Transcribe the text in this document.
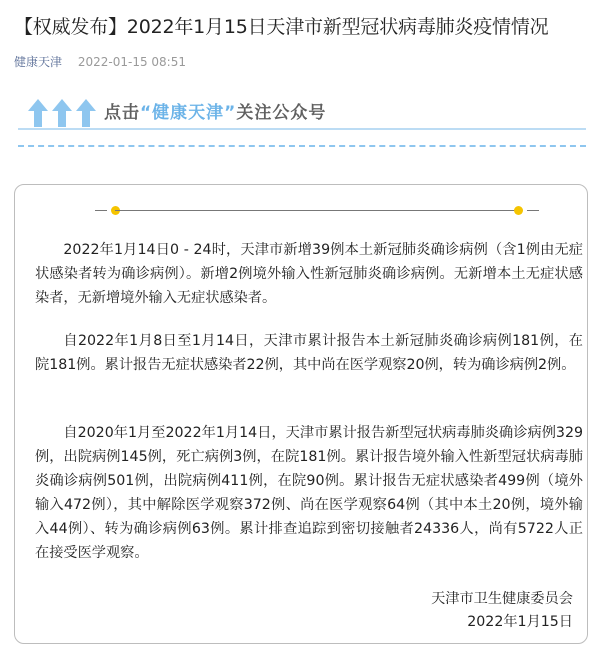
【权威发布】2022年1月15日天津市新型冠状病毒肺炎疫情情况
健康天津 2022-01-15 08:51
点击“健康天津”关注公众号

2022年1月14日0 - 24时，天津市新增39例本土新冠肺炎确诊病例（含1例由无症状感染者转为确诊病例）。新增2例境外输入性新冠肺炎确诊病例。无新增本土无症状感染者，无新增境外输入无症状感染者。

自2022年1月8日至1月14日，天津市累计报告本土新冠肺炎确诊病例181例，在院181例。累计报告无症状感染者22例，其中尚在医学观察20例，转为确诊病例2例。

自2020年1月至2022年1月14日，天津市累计报告新型冠状病毒肺炎确诊病例329例，出院病例145例，死亡病例3例，在院181例。累计报告境外输入性新型冠状病毒肺炎确诊病例501例，出院病例411例，在院90例。累计报告无症状感染者499例（境外输入472例），其中解除医学观察372例、尚在医学观察64例（其中本土20例，境外输入44例）、转为确诊病例63例。累计排查追踪到密切接触者24336人，尚有5722人正在接受医学观察。

天津市卫生健康委员会
2022年1月15日
